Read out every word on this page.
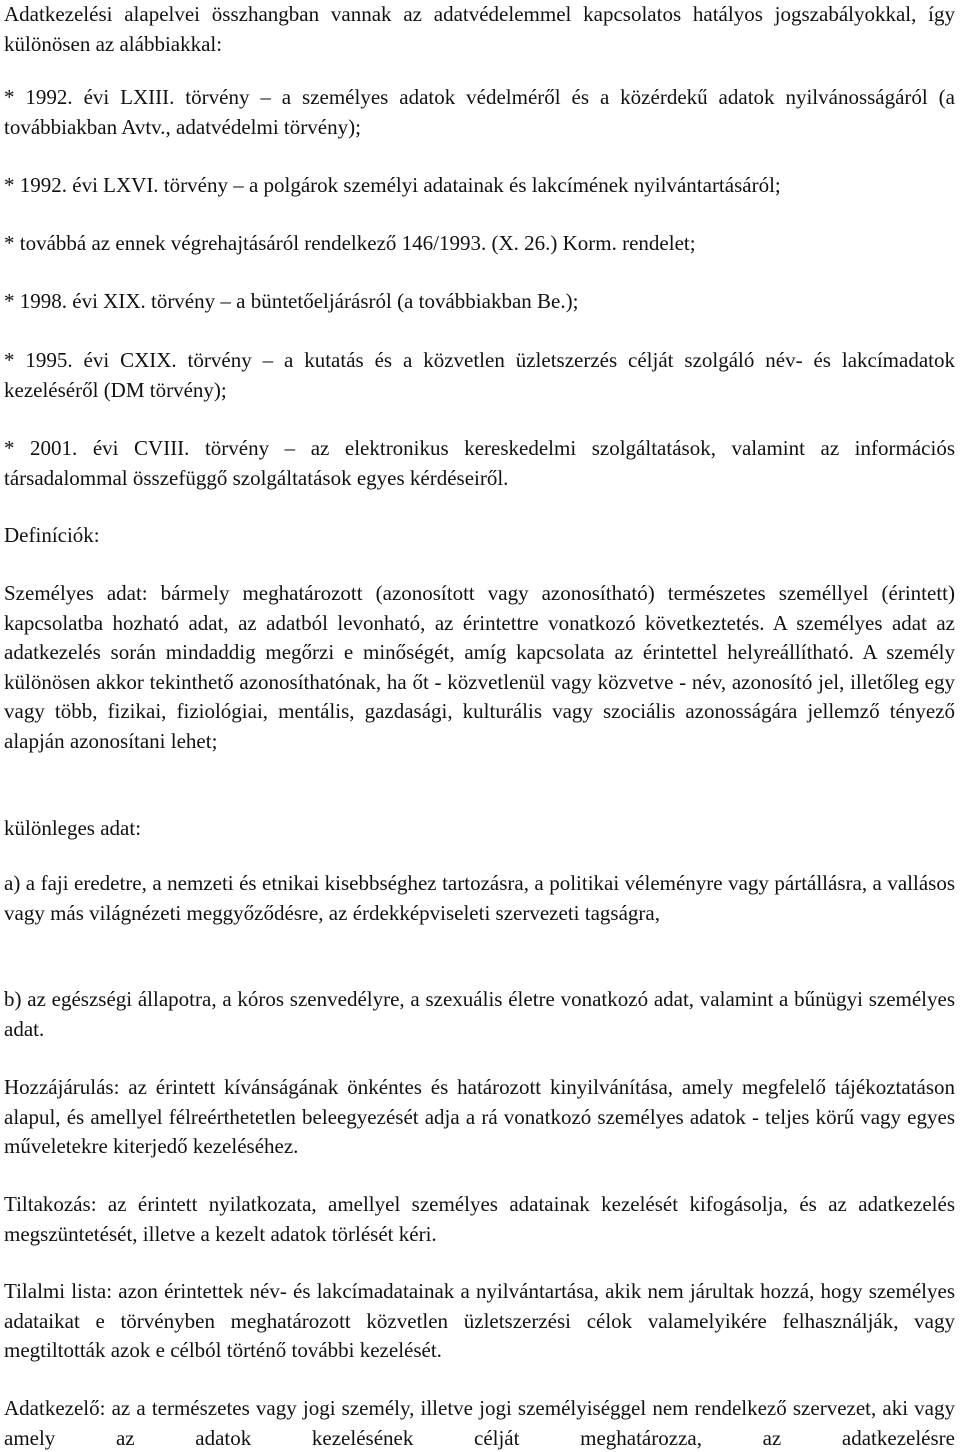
Adatkezelési alapelvei összhangban vannak az adatvédelemmel kapcsolatos hatályos jogszabályokkal, így különösen az alábbiakkal:

* 1992. évi LXIII. törvény – a személyes adatok védelméről és a közérdekű adatok nyilvánosságáról (a továbbiakban Avtv., adatvédelmi törvény);

* 1992. évi LXVI. törvény – a polgárok személyi adatainak és lakcímének nyilvántartásáról;

* továbbá az ennek végrehajtásáról rendelkező 146/1993. (X. 26.) Korm. rendelet;

* 1998. évi XIX. törvény – a büntetőeljárásról (a továbbiakban Be.);

* 1995. évi CXIX. törvény – a kutatás és a közvetlen üzletszerzés célját szolgáló név- és lakcímadatok kezeléséről (DM törvény);

* 2001. évi CVIII. törvény – az elektronikus kereskedelmi szolgáltatások, valamint az információs társadalommal összefüggő szolgáltatások egyes kérdéseiről.

Definíciók:

Személyes adat: bármely meghatározott (azonosított vagy azonosítható) természetes személlyel (érintett) kapcsolatba hozható adat, az adatból levonható, az érintettre vonatkozó következtetés. A személyes adat az adatkezelés során mindaddig megőrzi e minőségét, amíg kapcsolata az érintettel helyreállítható. A személy különösen akkor tekinthető azonosíthatónak, ha őt - közvetlenül vagy közvetve - név, azonosító jel, illetőleg egy vagy több, fizikai, fiziológiai, mentális, gazdasági, kulturális vagy szociális azonosságára jellemző tényező alapján azonosítani lehet;

különleges adat:

a) a faji eredetre, a nemzeti és etnikai kisebbséghez tartozásra, a politikai véleményre vagy pártállásra, a vallásos vagy más világnézeti meggyőződésre, az érdekképviseleti szervezeti tagságra,

b) az egészségi állapotra, a kóros szenvedélyre, a szexuális életre vonatkozó adat, valamint a bűnügyi személyes adat.

Hozzájárulás: az érintett kívánságának önkéntes és határozott kinyilvánítása, amely megfelelő tájékoztatáson alapul, és amellyel félreérthetetlen beleegyezését adja a rá vonatkozó személyes adatok - teljes körű vagy egyes műveletekre kiterjedő kezeléséhez.

Tiltakozás: az érintett nyilatkozata, amellyel személyes adatainak kezelését kifogásolja, és az adatkezelés megszüntetését, illetve a kezelt adatok törlését kéri.

Tilalmi lista: azon érintettek név- és lakcímadatainak a nyilvántartása, akik nem járultak hozzá, hogy személyes adataikat e törvényben meghatározott közvetlen üzletszerzési célok valamelyikére felhasználják, vagy megtiltották azok e célból történő további kezelését.

Adatkezelő: az a természetes vagy jogi személy, illetve jogi személyiséggel nem rendelkező szervezet, aki vagy amely az adatok kezelésének célját meghatározza, az adatkezelésre
